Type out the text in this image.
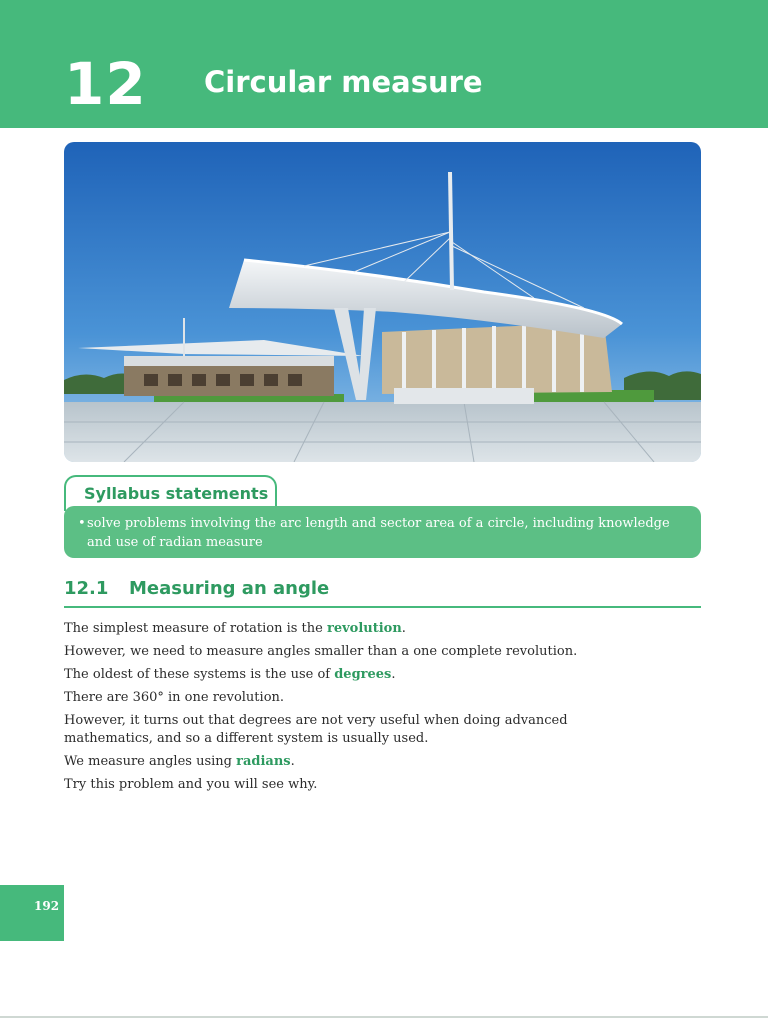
12 Circular measure
Syllabus statements
• solve problems involving the arc length and sector area of a circle, including knowledge and use of radian measure
12.1 Measuring an angle

The simplest measure of rotation is the revolution.

However, we need to measure angles smaller than a one complete revolution.

The oldest of these systems is the use of degrees.

There are 360° in one revolution.

However, it turns out that degrees are not very useful when doing advanced mathematics, and so a different system is usually used.

We measure angles using radians.

Try this problem and you will see why.

192
